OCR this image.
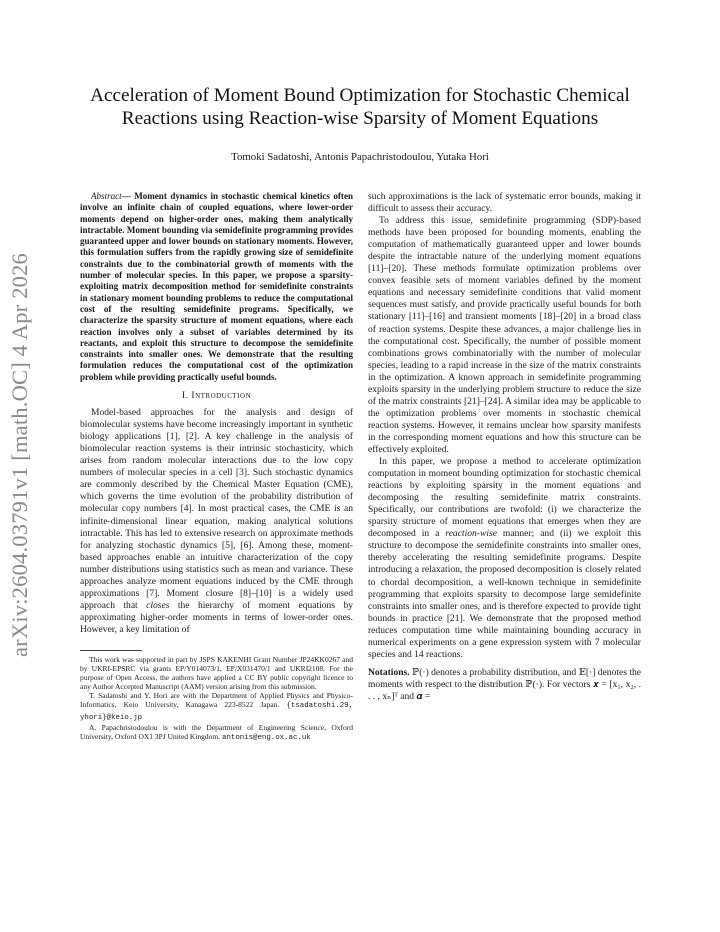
arXiv:2604.03791v1 [math.OC] 4 Apr 2026
Acceleration of Moment Bound Optimization for Stochastic Chemical
Reactions using Reaction-wise Sparsity of Moment Equations
Tomoki Sadatoshi, Antonis Papachristodoulou, Yutaka Hori

Abstract— Moment dynamics in stochastic chemical kinetics often involve an infinite chain of coupled equations, where lower-order moments depend on higher-order ones, making them analytically intractable. Moment bounding via semidefinite programming provides guaranteed upper and lower bounds on stationary moments. However, this formulation suffers from the rapidly growing size of semidefinite constraints due to the combinatorial growth of moments with the number of molecular species. In this paper, we propose a sparsity-exploiting matrix decomposition method for semidefinite constraints in stationary moment bounding problems to reduce the computational cost of the resulting semidefinite programs. Specifically, we characterize the sparsity structure of moment equations, where each reaction involves only a subset of variables determined by its reactants, and exploit this structure to decompose the semidefinite constraints into smaller ones. We demonstrate that the resulting formulation reduces the computational cost of the optimization problem while providing practically useful bounds.

I. Introduction

Model-based approaches for the analysis and design of biomolecular systems have become increasingly important in synthetic biology applications [1], [2]. A key challenge in the analysis of biomolecular reaction systems is their intrinsic stochasticity, which arises from random molecular interactions due to the low copy numbers of molecular species in a cell [3]. Such stochastic dynamics are commonly described by the Chemical Master Equation (CME), which governs the time evolution of the probability distribution of molecular copy numbers [4]. In most practical cases, the CME is an infinite-dimensional linear equation, making analytical solutions intractable. This has led to extensive research on approximate methods for analyzing stochastic dynamics [5], [6]. Among these, moment-based approaches enable an intuitive characterization of the copy number distributions using statistics such as mean and variance. These approaches analyze moment equations induced by the CME through approximations [7]. Moment closure [8]–[10] is a widely used approach that closes the hierarchy of moment equations by approximating higher-order moments in terms of lower-order ones. However, a key limitation of

This work was supported in part by JSPS KAKENHI Grant Number JP24KK0267 and by UKRI-EPSRC via grants EP/Y014073/1, EP/X031470/1 and UKRI2108. For the purpose of Open Access, the authors have applied a CC BY public copyright licence to any Author Accepted Manuscript (AAM) version arising from this submission.

T. Sadatoshi and Y. Hori are with the Department of Applied Physics and Physico-Informatics, Keio University, Kanagawa 223-8522 Japan. {tsadatoshi.29, yhori}@keio.jp

A. Papachristodoulou is with the Department of Engineering Science, Oxford University, Oxford OX1 3PJ United Kingdom. antonis@eng.ox.ac.uk

such approximations is the lack of systematic error bounds, making it difficult to assess their accuracy.

To address this issue, semidefinite programming (SDP)-based methods have been proposed for bounding moments, enabling the computation of mathematically guaranteed upper and lower bounds despite the intractable nature of the underlying moment equations [11]–[20]. These methods formulate optimization problems over convex feasible sets of moment variables defined by the moment equations and necessary semidefinite conditions that valid moment sequences must satisfy, and provide practically useful bounds for both stationary [11]–[16] and transient moments [18]–[20] in a broad class of reaction systems. Despite these advances, a major challenge lies in the computational cost. Specifically, the number of possible moment combinations grows combinatorially with the number of molecular species, leading to a rapid increase in the size of the matrix constraints in the optimization. A known approach in semidefinite programming exploits sparsity in the underlying problem structure to reduce the size of the matrix constraints [21]–[24]. A similar idea may be applicable to the optimization problems over moments in stochastic chemical reaction systems. However, it remains unclear how sparsity manifests in the corresponding moment equations and how this structure can be effectively exploited.

In this paper, we propose a method to accelerate optimization computation in moment bounding optimization for stochastic chemical reactions by exploiting sparsity in the moment equations and decomposing the resulting semidefinite matrix constraints. Specifically, our contributions are twofold: (i) we characterize the sparsity structure of moment equations that emerges when they are decomposed in a reaction-wise manner; and (ii) we exploit this structure to decompose the semidefinite constraints into smaller ones, thereby accelerating the resulting semidefinite programs. Despite introducing a relaxation, the proposed decomposition is closely related to chordal decomposition, a well-known technique in semidefinite programming that exploits sparsity to decompose large semidefinite constraints into smaller ones, and is therefore expected to provide tight bounds in practice [21]. We demonstrate that the proposed method reduces computation time while maintaining bounding accuracy in numerical experiments on a gene expression system with 7 molecular species and 14 reactions.

Notations. ℙ(·) denotes a probability distribution, and 𝔼[·] denotes the moments with respect to the distribution ℙ(·). For vectors 𝒙 = [x₁, x₂, . . . , xₙ]ᵀ and 𝜶 =
